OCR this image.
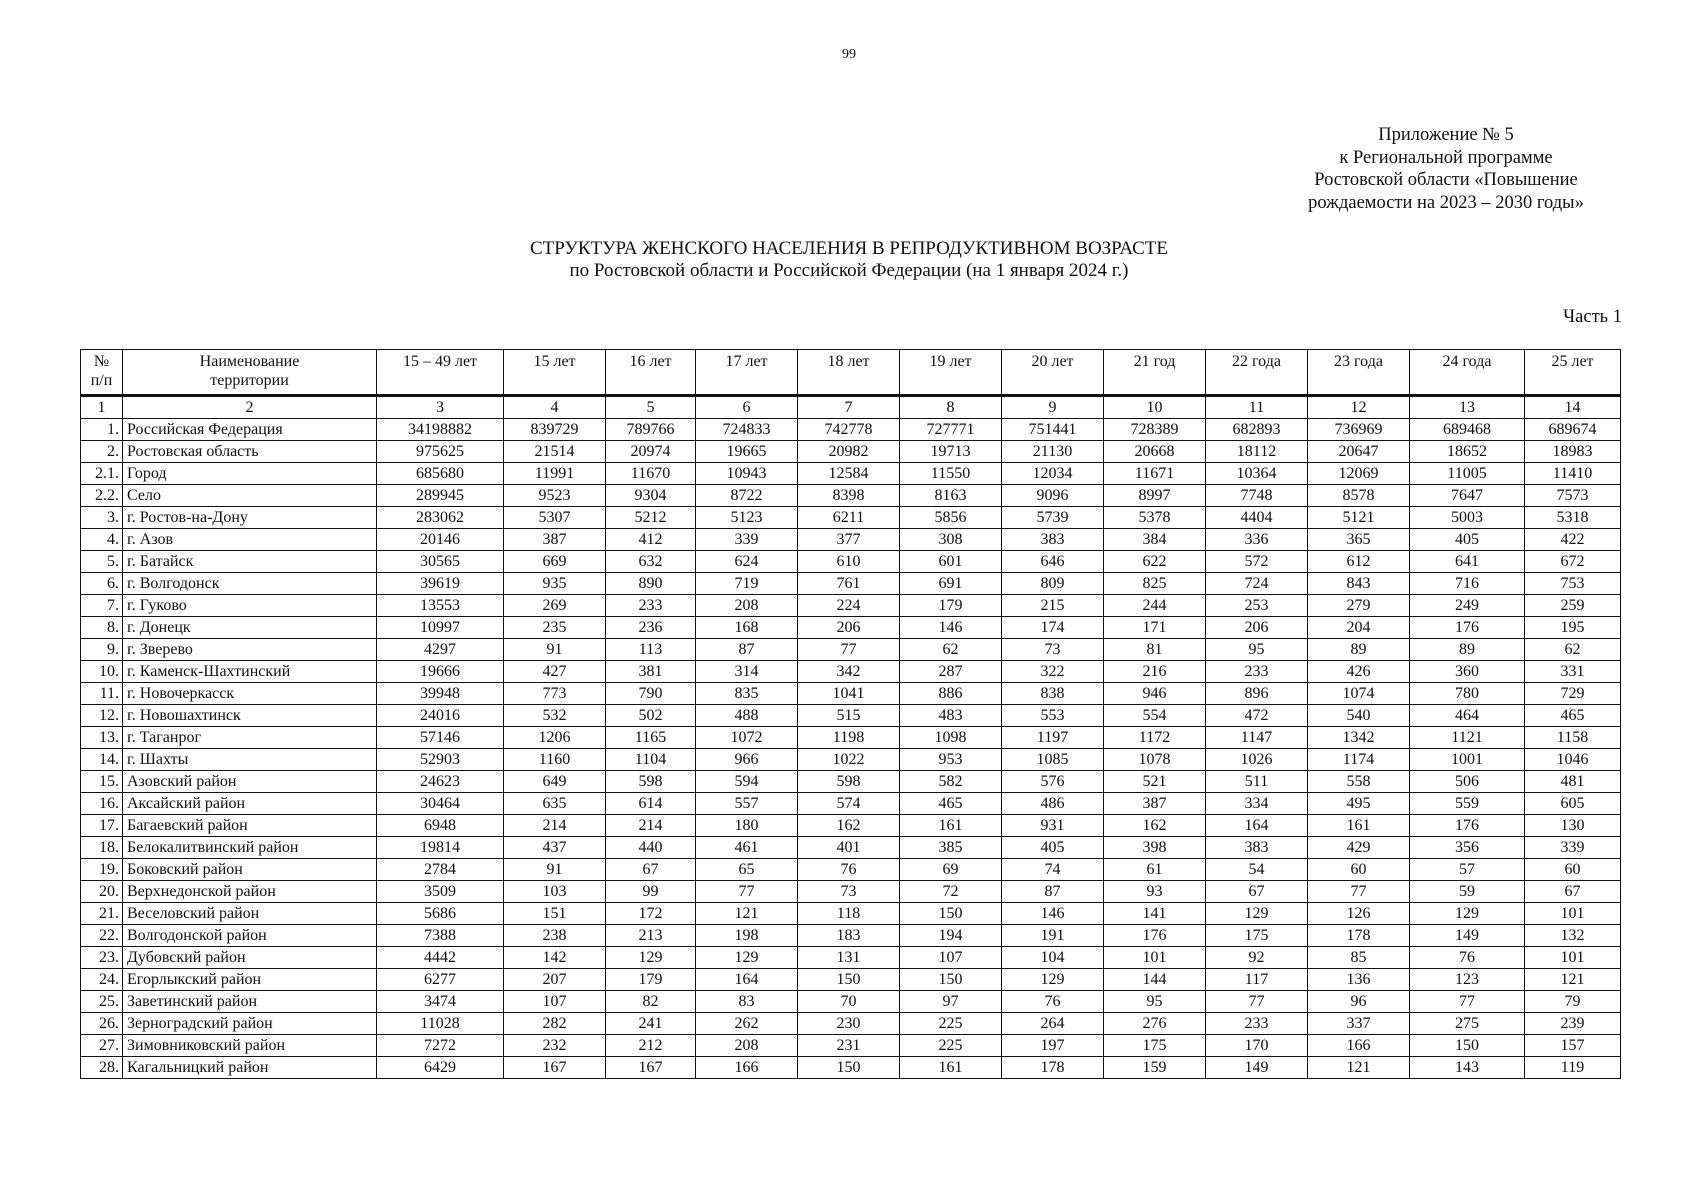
99
Приложение № 5
к Региональной программе
Ростовской области «Повышение
рождаемости на 2023 – 2030 годы»
СТРУКТУРА ЖЕНСКОГО НАСЕЛЕНИЯ В РЕПРОДУКТИВНОМ ВОЗРАСТЕ
по Ростовской области и Российской Федерации (на 1 января 2024 г.)
Часть 1
№ п/п	Наименование территории	15 – 49 лет	15 лет	16 лет	17 лет	18 лет	19 лет	20 лет	21 год	22 года	23 года	24 года	25 лет
1	2	3	4	5	6	7	8	9	10	11	12	13	14
1.	Российская Федерация	34198882	839729	789766	724833	742778	727771	751441	728389	682893	736969	689468	689674
2.	Ростовская область	975625	21514	20974	19665	20982	19713	21130	20668	18112	20647	18652	18983
2.1.	Город	685680	11991	11670	10943	12584	11550	12034	11671	10364	12069	11005	11410
2.2.	Село	289945	9523	9304	8722	8398	8163	9096	8997	7748	8578	7647	7573
3.	г. Ростов-на-Дону	283062	5307	5212	5123	6211	5856	5739	5378	4404	5121	5003	5318
4.	г. Азов	20146	387	412	339	377	308	383	384	336	365	405	422
5.	г. Батайск	30565	669	632	624	610	601	646	622	572	612	641	672
6.	г. Волгодонск	39619	935	890	719	761	691	809	825	724	843	716	753
7.	г. Гуково	13553	269	233	208	224	179	215	244	253	279	249	259
8.	г. Донецк	10997	235	236	168	206	146	174	171	206	204	176	195
9.	г. Зверево	4297	91	113	87	77	62	73	81	95	89	89	62
10.	г. Каменск-Шахтинский	19666	427	381	314	342	287	322	216	233	426	360	331
11.	г. Новочеркасск	39948	773	790	835	1041	886	838	946	896	1074	780	729
12.	г. Новошахтинск	24016	532	502	488	515	483	553	554	472	540	464	465
13.	г. Таганрог	57146	1206	1165	1072	1198	1098	1197	1172	1147	1342	1121	1158
14.	г. Шахты	52903	1160	1104	966	1022	953	1085	1078	1026	1174	1001	1046
15.	Азовский район	24623	649	598	594	598	582	576	521	511	558	506	481
16.	Аксайский район	30464	635	614	557	574	465	486	387	334	495	559	605
17.	Багаевский район	6948	214	214	180	162	161	931	162	164	161	176	130
18.	Белокалитвинский район	19814	437	440	461	401	385	405	398	383	429	356	339
19.	Боковский район	2784	91	67	65	76	69	74	61	54	60	57	60
20.	Верхнедонской район	3509	103	99	77	73	72	87	93	67	77	59	67
21.	Веселовский район	5686	151	172	121	118	150	146	141	129	126	129	101
22.	Волгодонской район	7388	238	213	198	183	194	191	176	175	178	149	132
23.	Дубовский район	4442	142	129	129	131	107	104	101	92	85	76	101
24.	Егорлыкский район	6277	207	179	164	150	150	129	144	117	136	123	121
25.	Заветинский район	3474	107	82	83	70	97	76	95	77	96	77	79
26.	Зерноградский район	11028	282	241	262	230	225	264	276	233	337	275	239
27.	Зимовниковский район	7272	232	212	208	231	225	197	175	170	166	150	157
28.	Кагальницкий район	6429	167	167	166	150	161	178	159	149	121	143	119
